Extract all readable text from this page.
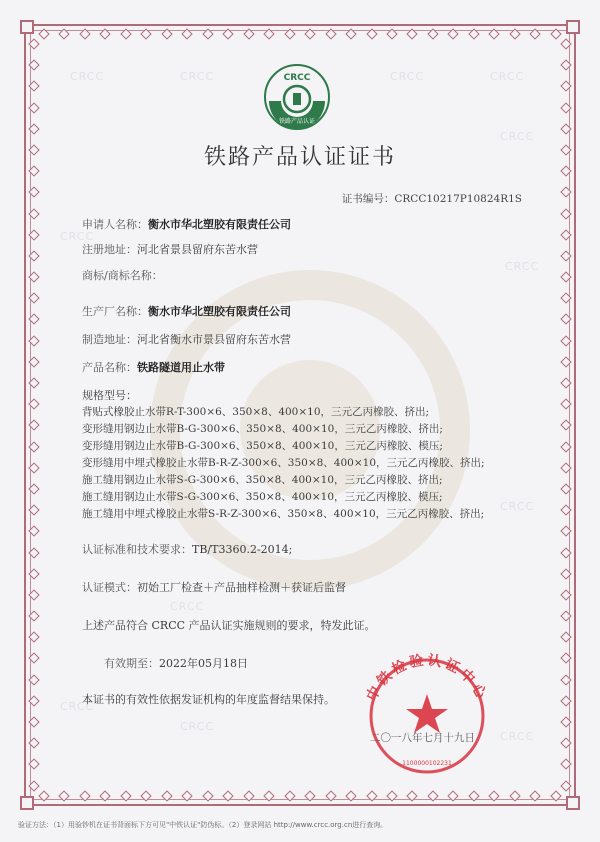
CRCC	CRCC	CRCC	CRCC
CRCC
CRCC
CRCC
CRCC
CRCC
CRCC
CRCC
CRCC
CRCC
铁路产品认证
铁路产品认证证书
证书编号：CRCC10217P10824R1S
申请人名称：衡水市华北塑胶有限责任公司
注册地址：河北省景县留府东苦水营
商标/商标名称：
生产厂名称：衡水市华北塑胶有限责任公司
制造地址：河北省衡水市景县留府东苦水营
产品名称：铁路隧道用止水带
规格型号：
背贴式橡胶止水带R-T-300×6、350×8、400×10，三元乙丙橡胶、挤出;
变形缝用钢边止水带B-G-300×6、350×8、400×10，三元乙丙橡胶、挤出;
变形缝用钢边止水带B-G-300×6、350×8、400×10，三元乙丙橡胶、模压;
变形缝用中埋式橡胶止水带B-R-Z-300×6、350×8、400×10，三元乙丙橡胶、挤出;
施工缝用钢边止水带S-G-300×6、350×8、400×10，三元乙丙橡胶、挤出;
施工缝用钢边止水带S-G-300×6、350×8、400×10，三元乙丙橡胶、模压;
施工缝用中埋式橡胶止水带S-R-Z-300×6、350×8、400×10，三元乙丙橡胶、挤出;
认证标准和技术要求：TB/T3360.2-2014;
认证模式：初始工厂检查＋产品抽样检测＋获证后监督
上述产品符合 CRCC 产品认证实施规则的要求，特发此证。
有效期至：2022年05月18日
本证书的有效性依据发证机构的年度监督结果保持。 中铁检验认证中心
1100000102231
二〇一八年七月十九日
验证方法：（1）用验钞机在证书背面标下方可见"中铁认证"防伪标。（2）登录网站 http://www.crcc.org.cn进行查询。
